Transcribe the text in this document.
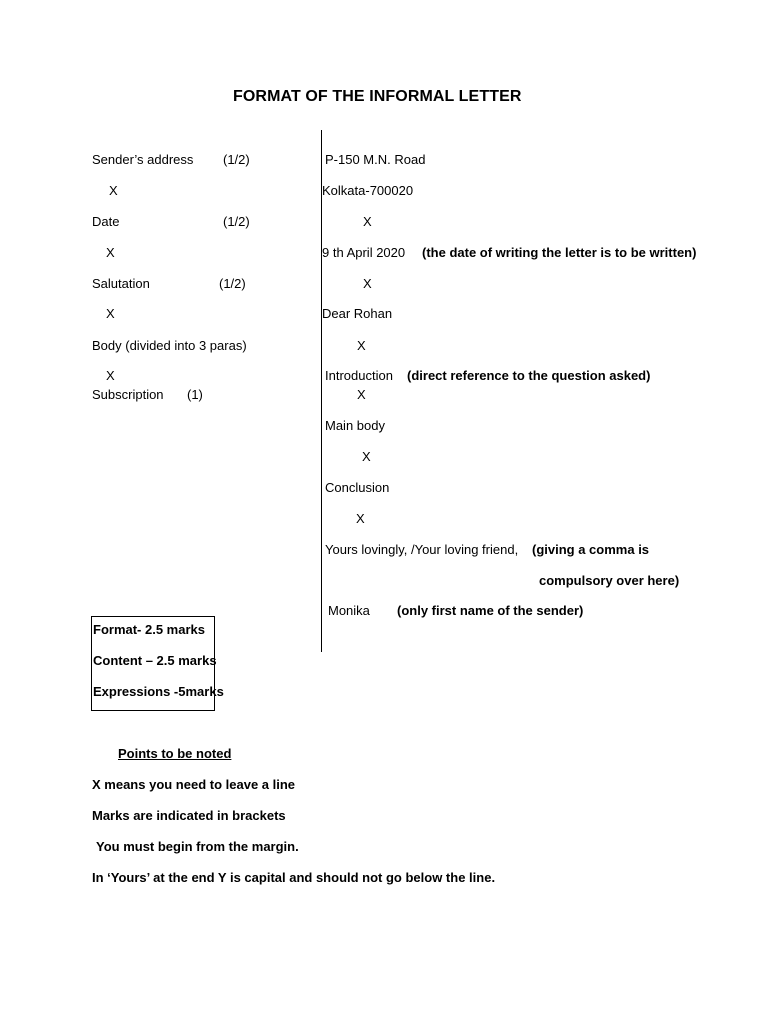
FORMAT OF THE INFORMAL LETTER
Sender’s address (1/2)
X
Date	(1/2)
X
Salutation	(1/2)
X
Body (divided into 3 paras)
X
Subscription (1)
P-150 M.N. Road
Kolkata-700020
X
9 th April 2020 (the date of writing the letter is to be written)
X
Dear Rohan
X
Introduction (direct reference to the question asked)
X
Main body
X
Conclusion
X
Yours lovingly, /Your loving friend, (giving a comma is
compulsory over here)
Monika (only first name of the sender)
Format- 2.5 marks
Content – 2.5 marks
Expressions -5marks
Points to be noted
X means you need to leave a line
Marks are indicated in brackets
You must begin from the margin.
In ‘Yours’ at the end Y is capital and should not go below the line.
